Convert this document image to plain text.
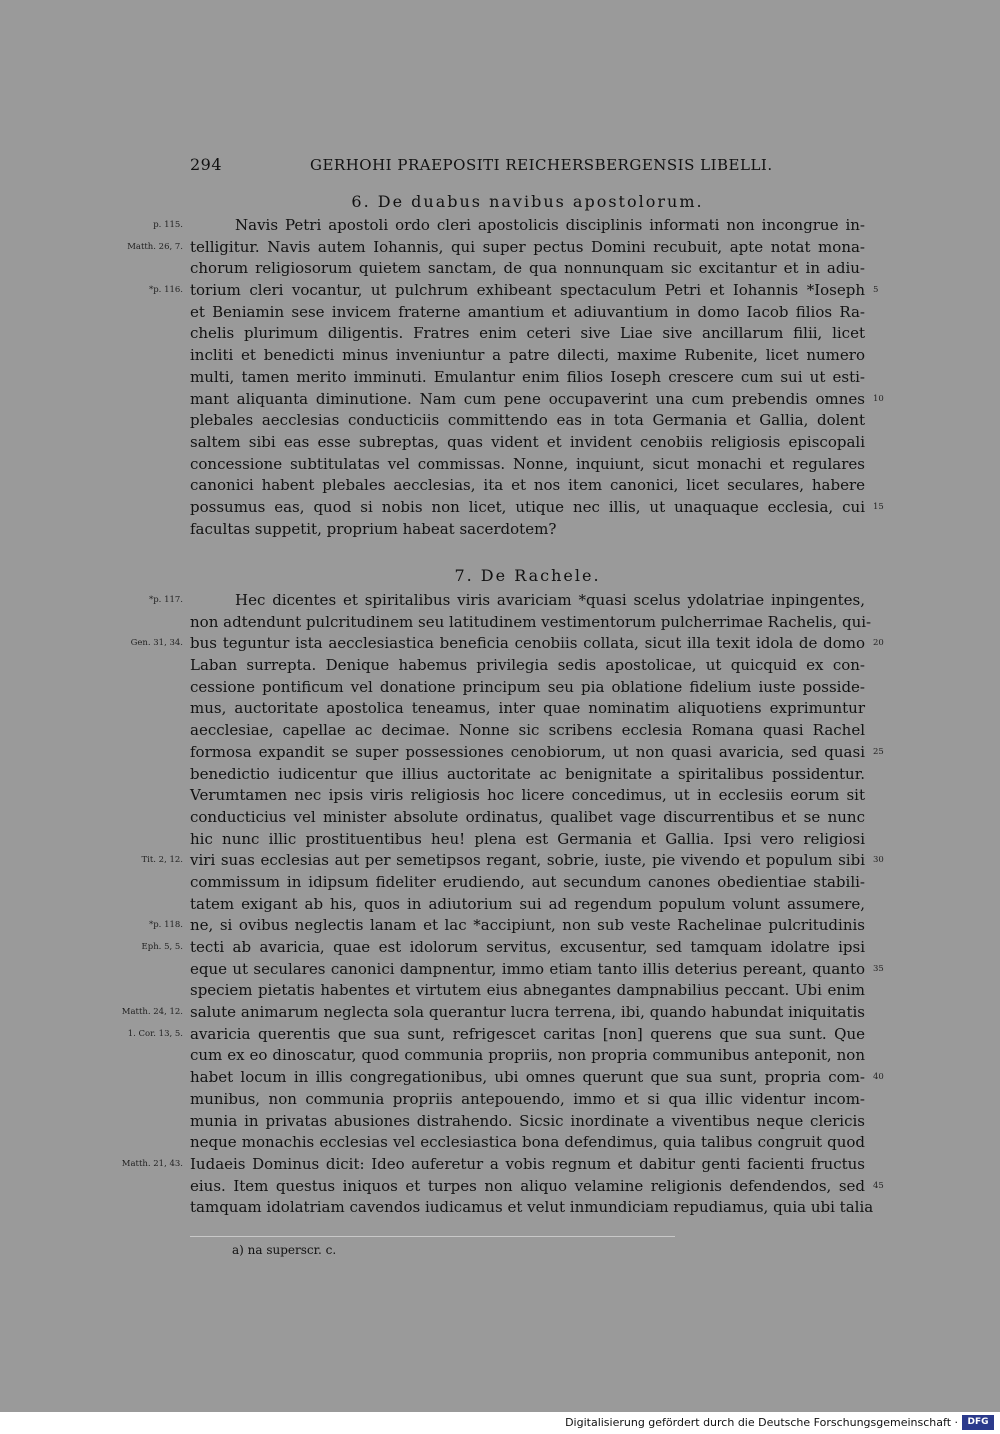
294	GERHOHI PRAEPOSITI REICHERSBERGENSIS LIBELLI.
6. De duabus navibus apostolorum.
Navis Petri apostoli ordo cleri apostolicis disciplinis informati non incongrue in-
p. 115.
telligitur. Navis autem Iohannis, qui super pectus Domini recubuit, apte notat mona-
Matth. 26, 7.
chorum religiosorum quietem sanctam, de qua nonnunquam sic excitantur et in adiu-
torium cleri vocantur, ut pulchrum exhibeant spectaculum Petri et Iohannis *Ioseph
*p. 116.	5
et Beniamin sese invicem fraterne amantium et adiuvantium in domo Iacob filios Ra-
chelis plurimum diligentis. Fratres enim ceteri sive Liae sive ancillarum filii, licet
incliti et benedicti minus inveniuntur a patre dilecti, maxime Rubenite, licet numero
multi, tamen merito imminuti. Emulantur enim filios Ioseph crescere cum sui ut esti-
mant aliquanta diminutione. Nam cum pene occupaverint una cum prebendis omnes 10
plebales aecclesias conducticiis committendo eas in tota Germania et Gallia, dolent
saltem sibi eas esse subreptas, quas vident et invident cenobiis religiosis episcopali
concessione subtitulatas vel commissas. Nonne, inquiunt, sicut monachi et regulares
canonici habent plebales aecclesias, ita et nos item canonici, licet seculares, habere
possumus eas, quod si nobis non licet, utique nec illis, ut unaquaque ecclesia, cui 15
facultas suppetit, proprium habeat sacerdotem?
7. De Rachele.
Hec dicentes et spiritalibus viris avariciam *quasi scelus ydolatriae inpingentes,
*p. 117.
non adtendunt pulcritudinem seu latitudinem vestimentorum pulcherrimae Rachelis, qui-
bus teguntur ista aecclesiastica beneficia cenobiis collata, sicut illa texit idola de domo
Gen. 31, 34.	20
Laban surrepta. Denique habemus privilegia sedis apostolicae, ut quicquid ex con-
cessione pontificum vel donatione principum seu pia oblatione fidelium iuste posside-
mus, auctoritate apostolica teneamus, inter quae nominatim aliquotiens exprimuntur
aecclesiae, capellae ac decimae. Nonne sic scribens ecclesia Romana quasi Rachel
formosa expandit se super possessiones cenobiorum, ut non quasi avaricia, sed quasi 25
benedictio iudicentur que illius auctoritate ac benignitate a spiritalibus possidentur.
Verumtamen nec ipsis viris religiosis hoc licere concedimus, ut in ecclesiis eorum sit
conducticius vel minister absolute ordinatus, qualibet vage discurrentibus et se nunc
hic nunc illic prostituentibus heu! plena est Germania et Gallia. Ipsi vero religiosi
viri suas ecclesias aut per semetipsos regant, sobrie, iuste, pie vivendo et populum sibi
Tit. 2, 12.	30
commissum in idipsum fideliter erudiendo, aut secundum canones obedientiae stabili-
tatem exigant ab his, quos in adiutorium sui ad regendum populum volunt assumere,
ne, si ovibus neglectis lanam et lac *accipiunt, non sub veste Rachelinae pulcritudinis
*p. 118.
tecti ab avaricia, quae est idolorum servitus, excusentur, sed tamquam idolatre ipsi
Eph. 5, 5.
eque ut seculares canonici dampnentur, immo etiam tanto illis deterius pereant, quanto 35
speciem pietatis habentes et virtutem eius abnegantes dampnabilius peccant. Ubi enim
salute animarum neglecta sola querantur lucra terrena, ibi, quando habundat iniquitatis
Matth. 24, 12.
avaricia querentis que sua sunt, refrigescet caritas [non] querens que sua sunt. Que
1. Cor. 13, 5.
cum ex eo dinoscatur, quod communia propriis, non propria communibus anteponit, non
habet locum in illis congregationibus, ubi omnes querunt que sua sunt, propria com- 40
munibus, non communia propriis antepouendo, immo et si qua illic videntur incom-
munia in privatas abusiones distrahendo. Sicsic inordinate a viventibus neque clericis
neque monachis ecclesias vel ecclesiastica bona defendimus, quia talibus congruit quod
Iudaeis Dominus dicit: Ideo auferetur a vobis regnum et dabitur genti facienti fructus
Matth. 21, 43.
eius. Item questus iniquos et turpes non aliquo velamine religionis defendendos, sed 45
tamquam idolatriam cavendos iudicamus et velut inmundiciam repudiamus, quia ubi talia
a) na superscr. c.
Digitalisierung gefördert durch die Deutsche Forschungsgemeinschaft ·	DFG
